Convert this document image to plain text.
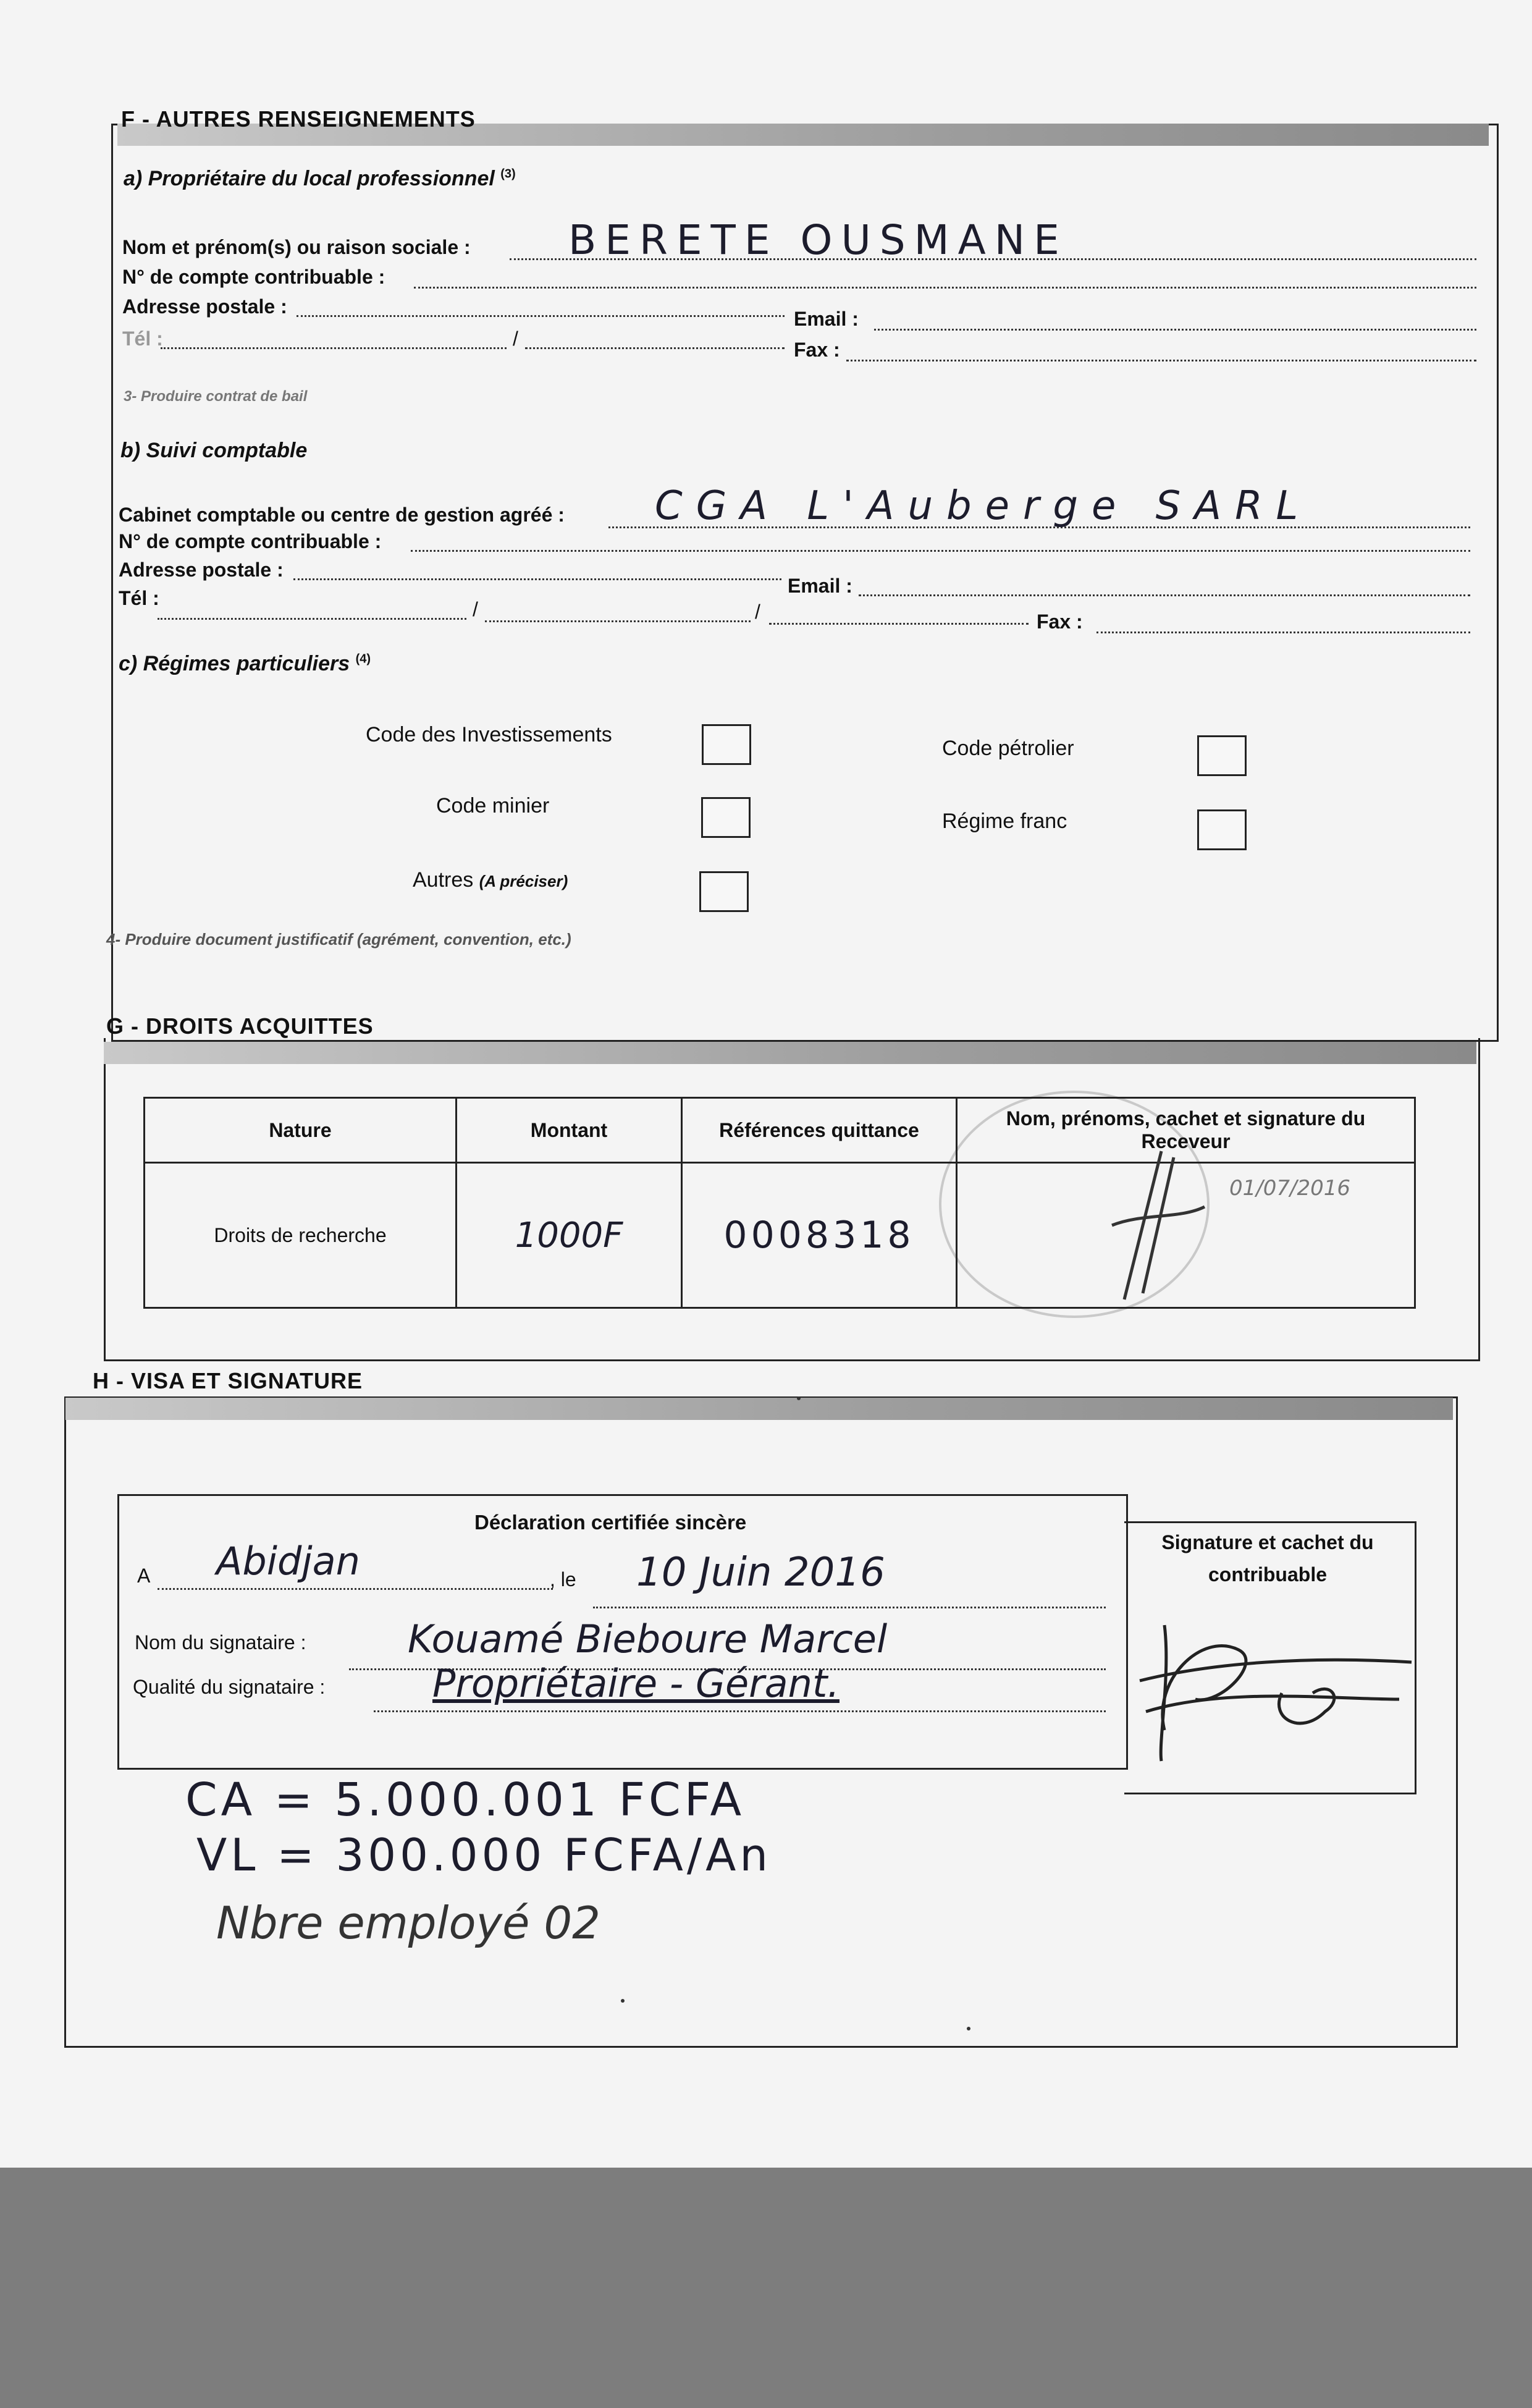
F - AUTRES RENSEIGNEMENTS
a) Propriétaire du local professionnel $^{(3)}$
Nom et prénom(s) ou raison sociale : BERETE OUSMANE
N° de compte contribuable :
Adresse postale :
Email :
Tél :	/	Fax :
3- Produire contrat de bail
b) Suivi comptable
Cabinet comptable ou centre de gestion agréé : CGA L'Auberge SARL
N° de compte contribuable :
Adresse postale :
Email :
Tél :	/	/	Fax :
c) Régimes particuliers $^{(4)}$
Code des Investissements
Code minier
Autres (A préciser)
Code pétrolier
Régime franc
4- Produire document justificatif (agrément, convention, etc.)
G - DROITS ACQUITTES
Nature	Montant	Références quittance	Nom, prénoms, cachet et signature du Receveur
Droits de recherche	1000F	0008318	01/07/2016
H - VISA ET SIGNATURE
Déclaration certifiée sincère
A Abidjan	, le 10 Juin 2016
Nom du signataire :	Kouamé Bieboure Marcel
Qualité du signataire :	Propriétaire - Gérant.
Signature et cachet du contribuable
CA = 5.000.001 FCFA
VL = 300.000 FCFA/An
Nbre employé 02
